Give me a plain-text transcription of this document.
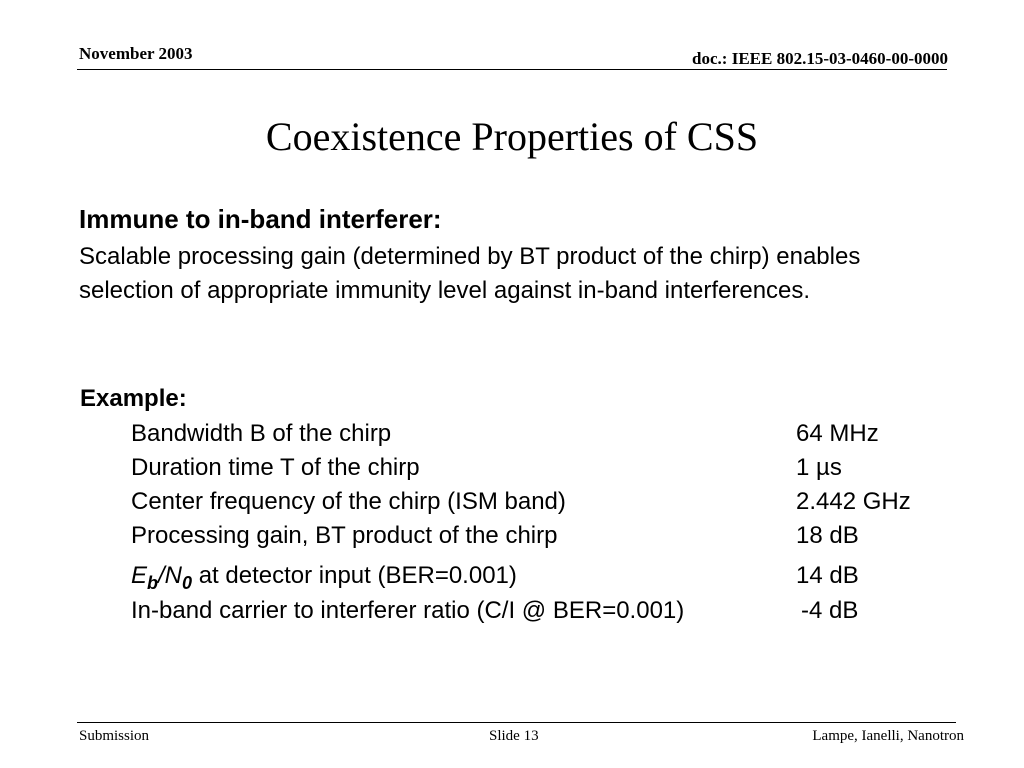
November 2003	doc.: IEEE 802.15-03-0460-00-0000
Coexistence Properties of CSS
Immune to in-band interferer:
Scalable processing gain (determined by BT product of the chirp) enables selection of appropriate immunity level against in-band interferences.
Example:
Bandwidth B of the chirp	64 MHz
Duration time T of the chirp	1 µs
Center frequency of the chirp (ISM band)	2.442 GHz
Processing gain, BT product of the chirp	18 dB
$E_b/N_0$ at detector input (BER=0.001)	14 dB
In-band carrier to interferer ratio (C/I @ BER=0.001)	-4 dB
Submission	Slide 13	Lampe, Ianelli, Nanotron
